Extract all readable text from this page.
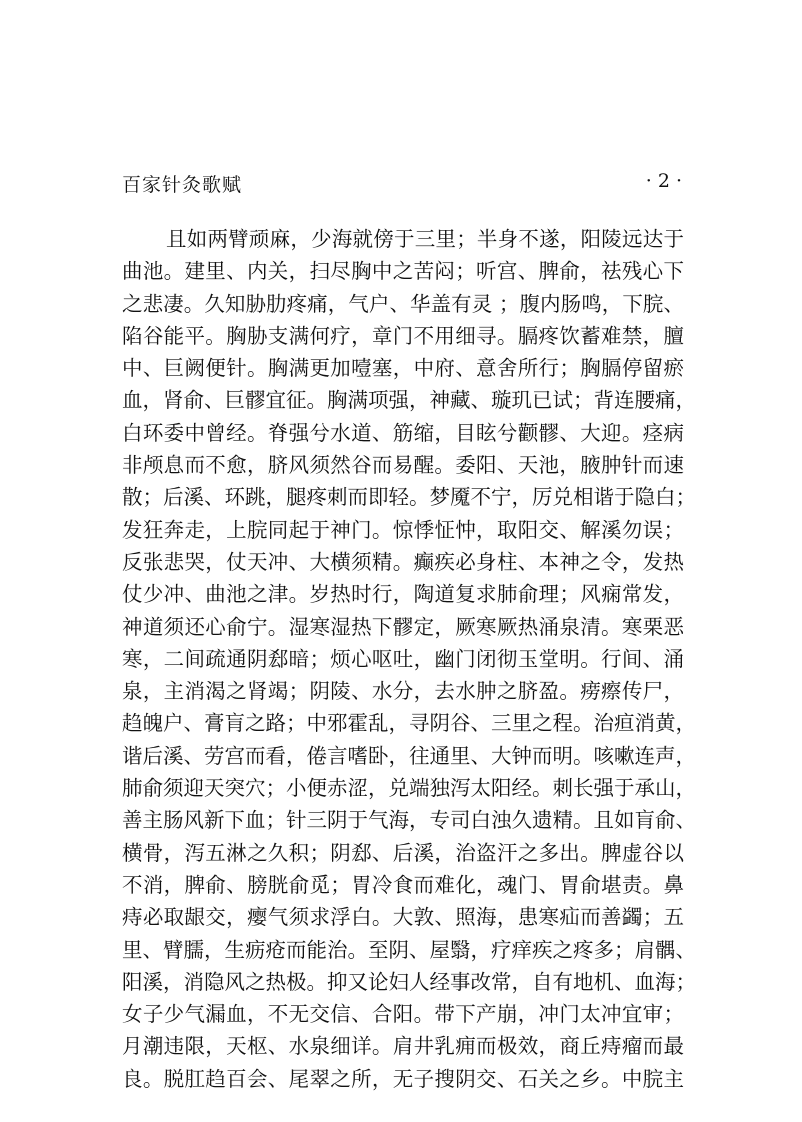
百家针灸歌赋	· 2 ·
且如两臂顽麻，少海就傍于三里；半身不遂，阳陵远达于
曲池。建里、内关，扫尽胸中之苦闷；听宫、脾俞，祛残心下
之悲凄。久知胁肋疼痛，气户、华盖有灵 ；腹内肠鸣，下脘、
陷谷能平。胸胁支满何疗，章门不用细寻。膈疼饮蓄难禁，膻
中、巨阙便针。胸满更加噎塞，中府、意舍所行；胸膈停留瘀
血，肾俞、巨髎宜征。胸满项强，神藏、璇玑已试；背连腰痛，
白环委中曾经。脊强兮水道、筋缩，目眩兮颧髎、大迎。痉病
非颅息而不愈，脐风须然谷而易醒。委阳、天池，腋肿针而速
散；后溪、环跳，腿疼刺而即轻。梦魇不宁，厉兑相谐于隐白；
发狂奔走，上脘同起于神门。惊悸怔忡，取阳交、解溪勿误；
反张悲哭，仗天冲、大横须精。癫疾必身柱、本神之令，发热
仗少冲、曲池之津。岁热时行，陶道复求肺俞理；风痫常发，
神道须还心俞宁。湿寒湿热下髎定，厥寒厥热涌泉清。寒栗恶
寒，二间疏通阴郄暗；烦心呕吐，幽门闭彻玉堂明。行间、涌
泉，主消渴之肾竭；阴陵、水分，去水肿之脐盈。痨瘵传尸，
趋魄户、膏肓之路；中邪霍乱，寻阴谷、三里之程。治疸消黄，
谐后溪、劳宫而看，倦言嗜卧，往通里、大钟而明。咳嗽连声，
肺俞须迎天突穴；小便赤涩，兑端独泻太阳经。刺长强于承山，
善主肠风新下血；针三阴于气海，专司白浊久遗精。且如肓俞、
横骨，泻五淋之久积；阴郄、后溪，治盗汗之多出。脾虚谷以
不消，脾俞、膀胱俞觅；胃冷食而难化，魂门、胃俞堪责。鼻
痔必取龈交，瘿气须求浮白。大敦、照海，患寒疝而善蠲；五
里、臂臑，生疬疮而能治。至阴、屋翳，疗痒疾之疼多；肩髃、
阳溪，消隐风之热极。抑又论妇人经事改常，自有地机、血海；
女子少气漏血，不无交信、合阳。带下产崩，冲门太冲宜审；
月潮违限，天枢、水泉细详。肩井乳痈而极效，商丘痔瘤而最
良。脱肛趋百会、尾翠之所，无子搜阴交、石关之乡。中脘主
